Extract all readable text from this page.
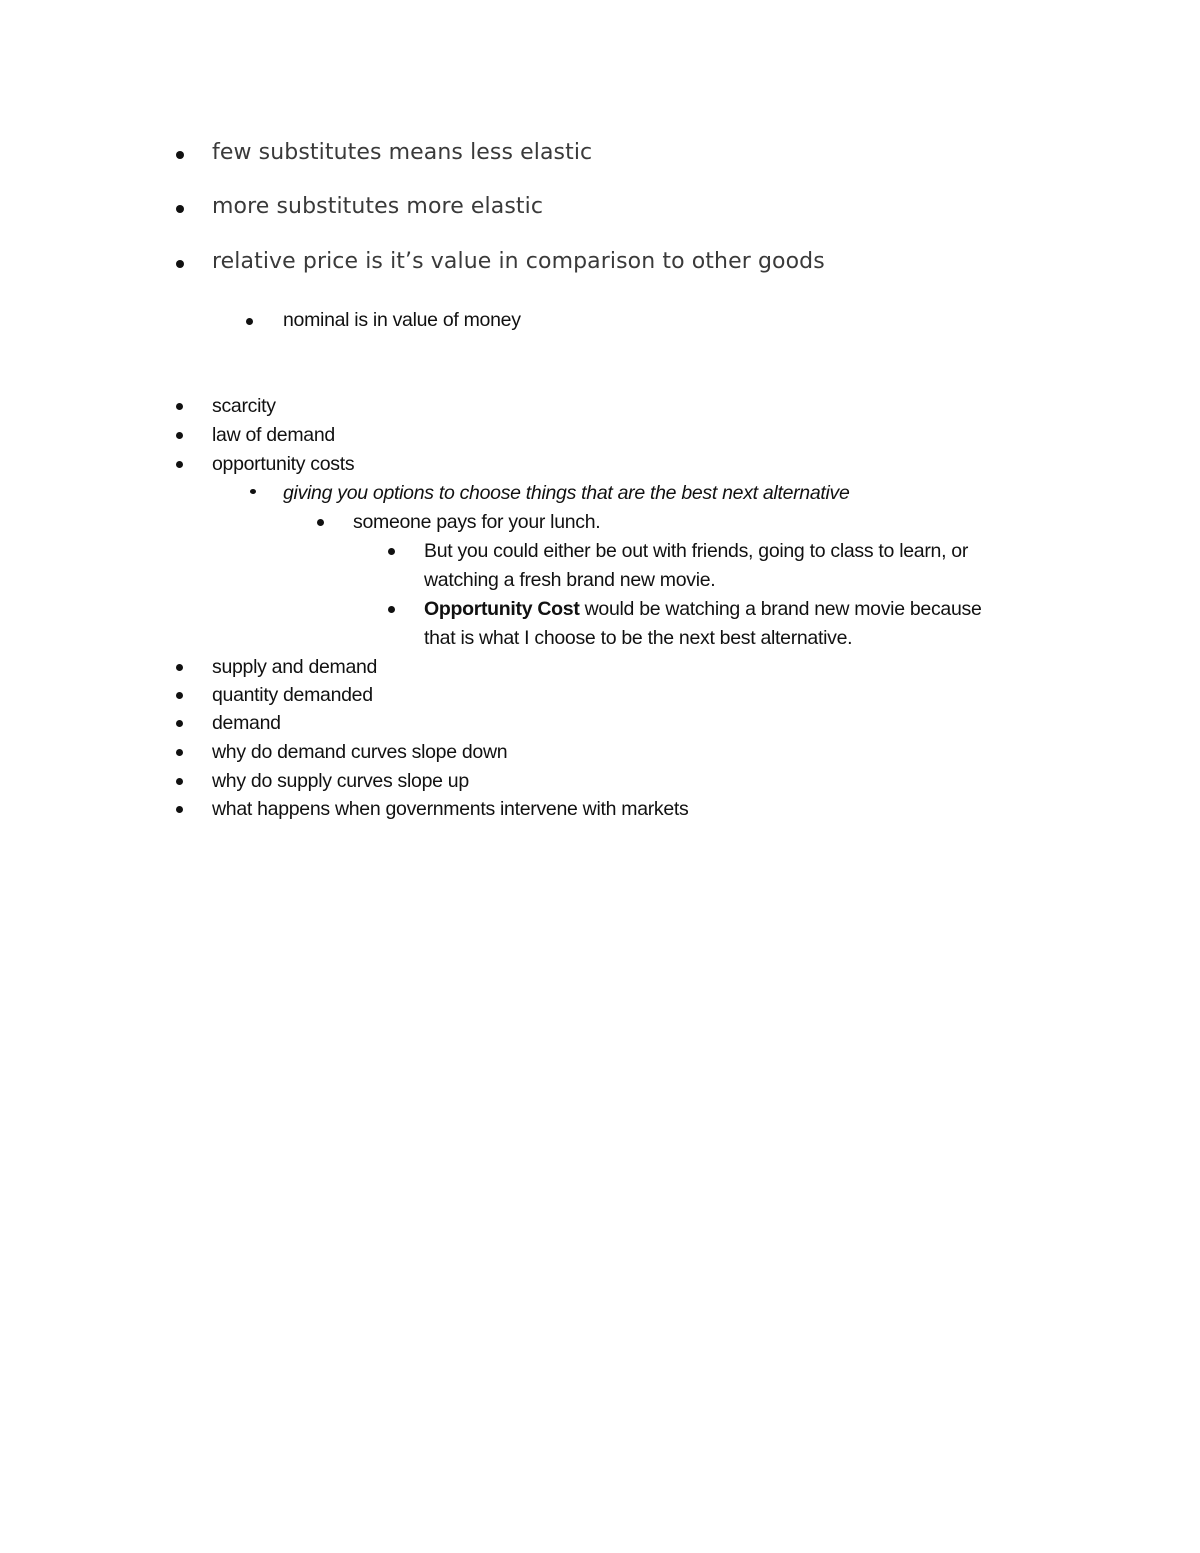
few substitutes means less elastic
more substitutes more elastic
relative price is it’s value in comparison to other goods
nominal is in value of money
scarcity
law of demand
opportunity costs
giving you options to choose things that are the best next alternative
someone pays for your lunch.
But you could either be out with friends, going to class to learn, or
watching a fresh brand new movie.
Opportunity Cost would be watching a brand new movie because
that is what I choose to be the next best alternative.
supply and demand
quantity demanded
demand
why do demand curves slope down
why do supply curves slope up
what happens when governments intervene with markets
